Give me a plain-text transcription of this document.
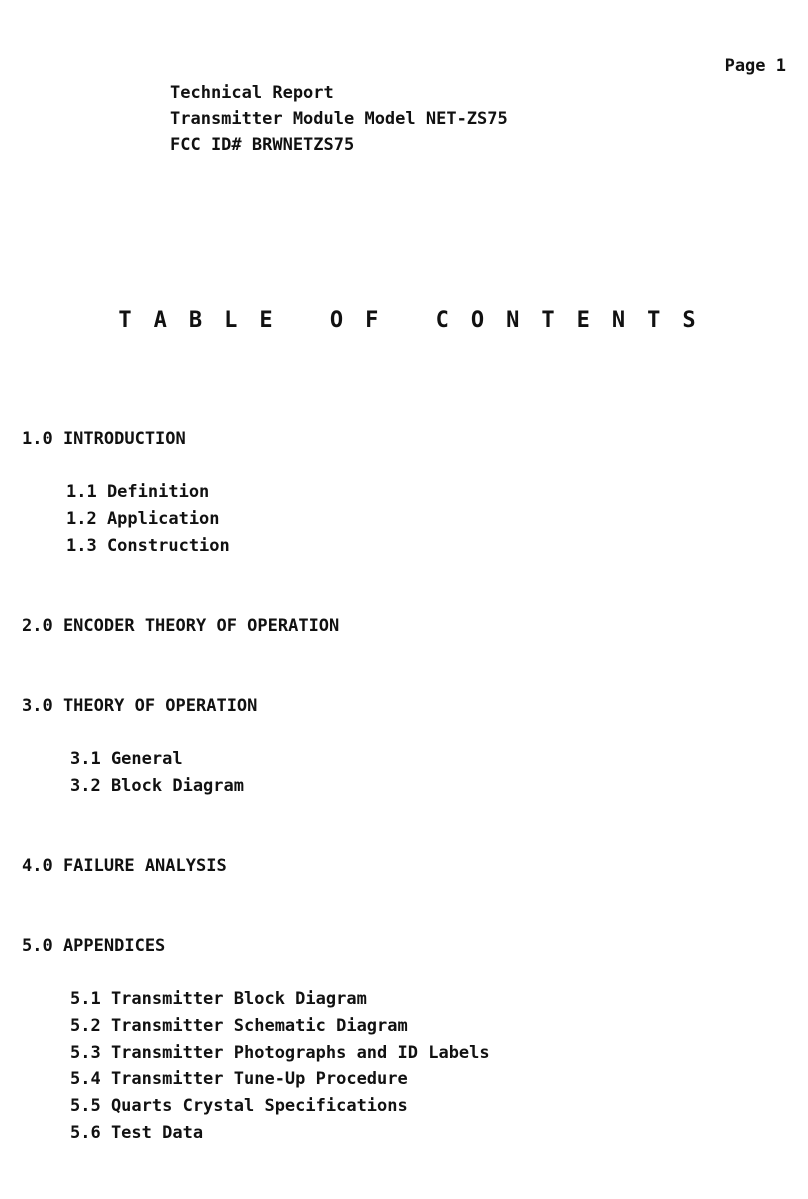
Page 1
Technical Report
Transmitter Module Model NET-ZS75
FCC ID# BRWNETZS75
TABLE OF CONTENTS
1.0 INTRODUCTION
1.1 Definition
1.2 Application
1.3 Construction
2.0 ENCODER THEORY OF OPERATION
3.0 THEORY OF OPERATION
3.1 General
3.2 Block Diagram
4.0 FAILURE ANALYSIS
5.0 APPENDICES
5.1 Transmitter Block Diagram
5.2 Transmitter Schematic Diagram
5.3 Transmitter Photographs and ID Labels
5.4 Transmitter Tune-Up Procedure
5.5 Quarts Crystal Specifications
5.6 Test Data
